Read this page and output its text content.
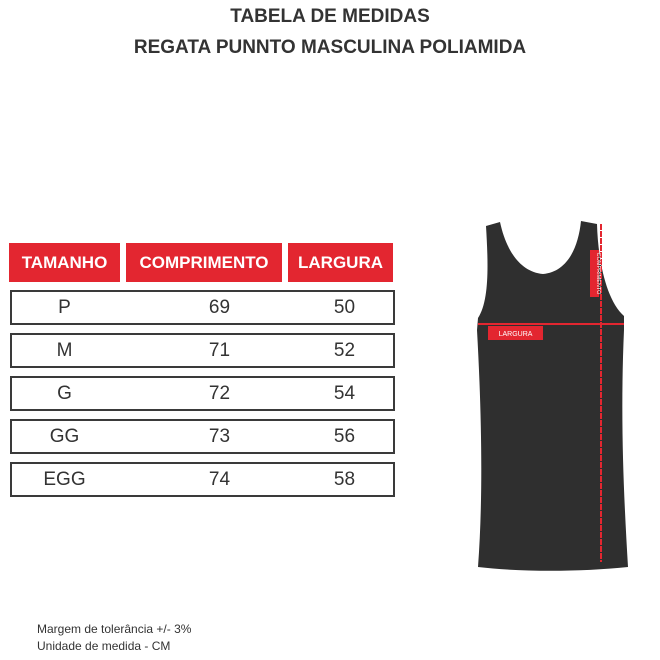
TABELA DE MEDIDAS
REGATA PUNNTO MASCULINA POLIAMIDA
TAMANHO	COMPRIMENTO	LARGURA
P	69	50
M	71	52
G	72	54
GG	73	56
EGG	74	58
LARGURA
COMPRIMENTO
Margem de tolerância +/- 3%
Unidade de medida - CM
